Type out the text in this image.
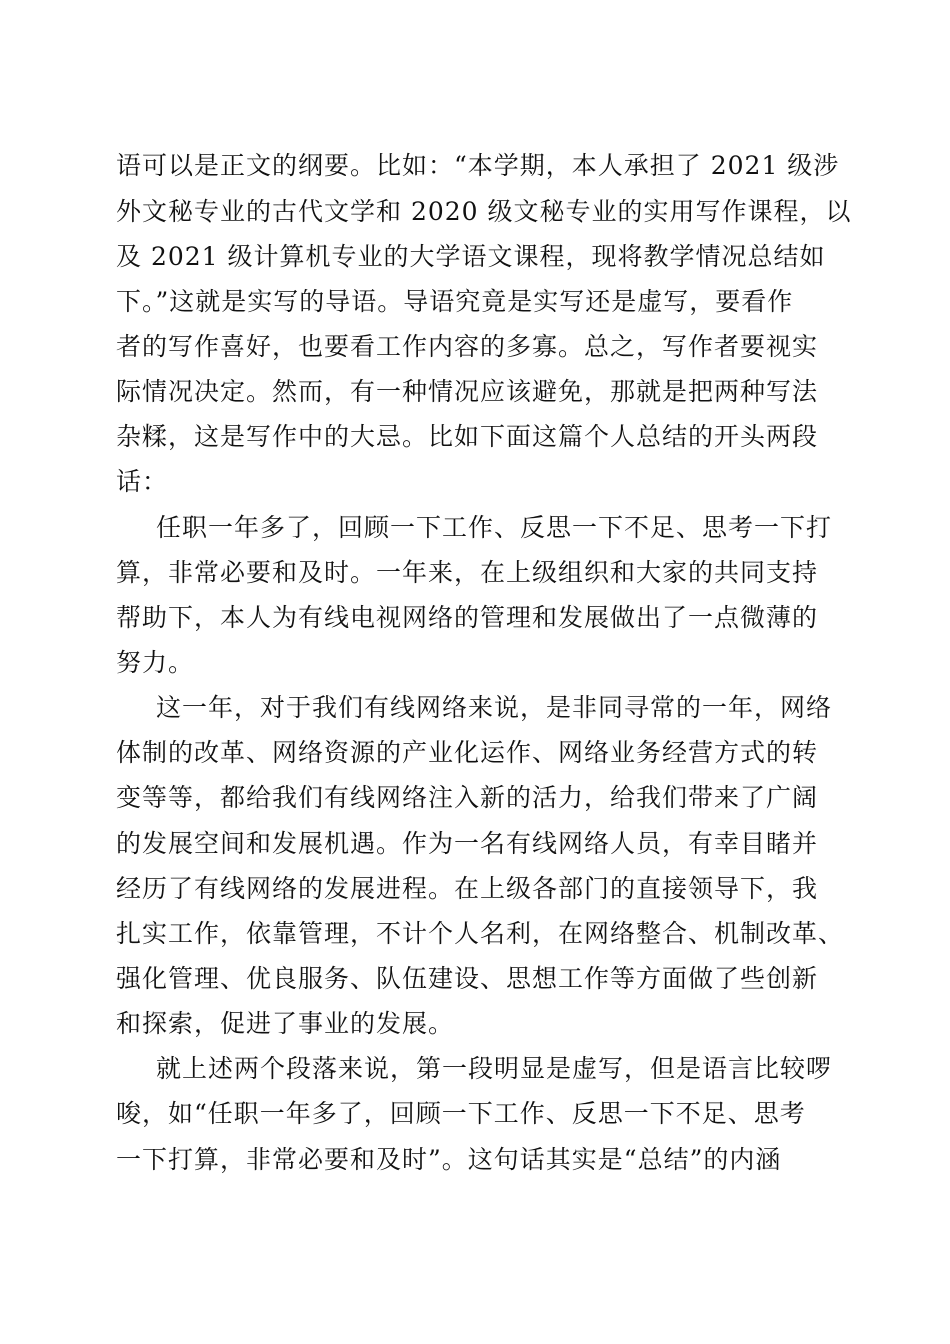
语可以是正文的纲要。比如：“本学期，本人承担了 2021 级涉
外文秘专业的古代文学和 2020 级文秘专业的实用写作课程，以
及 2021 级计算机专业的大学语文课程，现将教学情况总结如
下。”这就是实写的导语。导语究竟是实写还是虚写，要看作
者的写作喜好，也要看工作内容的多寡。总之，写作者要视实
际情况决定。然而，有一种情况应该避免，那就是把两种写法
杂糅，这是写作中的大忌。比如下面这篇个人总结的开头两段
话：
任职一年多了，回顾一下工作、反思一下不足、思考一下打
算，非常必要和及时。一年来，在上级组织和大家的共同支持
帮助下，本人为有线电视网络的管理和发展做出了一点微薄的
努力。
这一年，对于我们有线网络来说，是非同寻常的一年，网络
体制的改革、网络资源的产业化运作、网络业务经营方式的转
变等等，都给我们有线网络注入新的活力，给我们带来了广阔
的发展空间和发展机遇。作为一名有线网络人员，有幸目睹并
经历了有线网络的发展进程。在上级各部门的直接领导下，我
扎实工作，依靠管理，不计个人名利，在网络整合、机制改革、
强化管理、优良服务、队伍建设、思想工作等方面做了些创新
和探索，促进了事业的发展。
就上述两个段落来说，第一段明显是虚写，但是语言比较啰
唆，如“任职一年多了，回顾一下工作、反思一下不足、思考
一下打算，非常必要和及时”。这句话其实是“总结”的内涵
